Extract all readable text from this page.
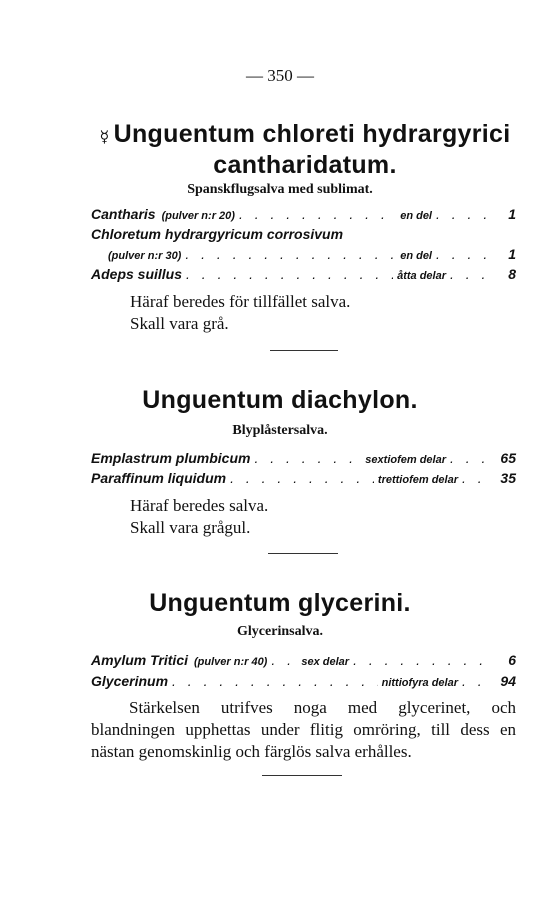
— 350 —
☿ Unguentum chloreti hydrargyrici cantharidatum.
Spanskflugsalva med sublimat.
Cantharis (pulver n:r 20) . . .	en del . . .	1
Chloretum hydrargyricum corrosivum
(pulver n:r 30) . . .	en del . . .	1
Adeps suillus . . .	åtta delar . . .	8
Häraf beredes för tillfället salva.
Skall vara grå.
Unguentum diachylon.
Blyplåstersalva.
Emplastrum plumbicum . . .	sextiofem delar . . .	65
Paraffinum liquidum . . .	trettiofem delar . . .	35
Häraf beredes salva.
Skall vara grågul.
Unguentum glycerini.
Glycerinsalva.
Amylum Tritici (pulver n:r 40) . . .	sex delar . . .	6
Glycerinum . . .	nittiofyra delar . . .	94
Stärkelsen utrifves noga med glycerinet, och blandningen upphettas under flitig omröring, till dess en nästan genomskinlig och färglös salva erhålles.
